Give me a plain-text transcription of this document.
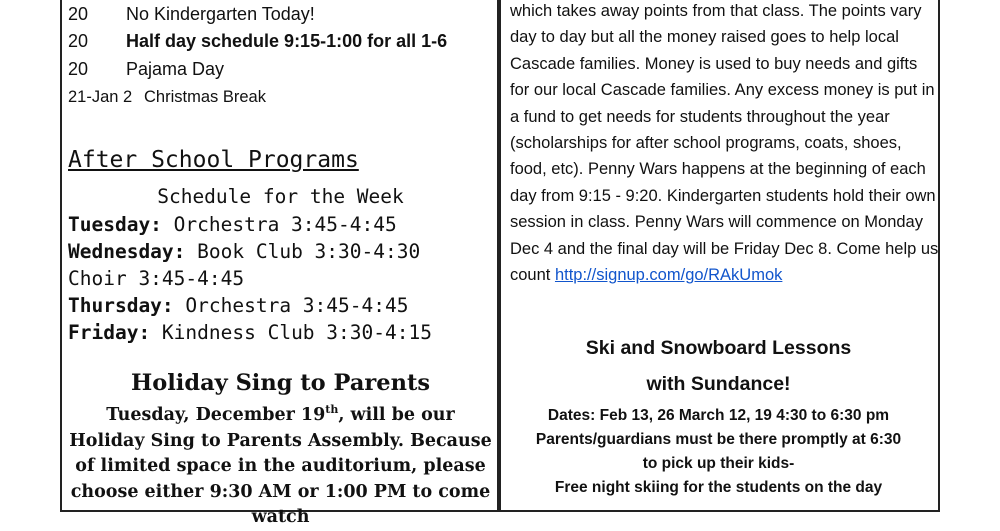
20 No Kindergarten Today!
20 Half day schedule 9:15-1:00 for all 1-6
20 Pajama Day
21-Jan 2 Christmas Break
After School Programs
Schedule for the Week
Tuesday: Orchestra 3:45-4:45
Wednesday: Book Club 3:30-4:30
Choir 3:45-4:45
Thursday: Orchestra 3:45-4:45
Friday: Kindness Club 3:30-4:15
Holiday Sing to Parents
Tuesday, December 19th, will be our Holiday Sing to Parents Assembly. Because of limited space in the auditorium, please choose either 9:30 AM or 1:00 PM to come watch
which takes away points from that class. The points vary day to day but all the money raised goes to help local Cascade families. Money is used to buy needs and gifts for our local Cascade families. Any excess money is put in a fund to get needs for students throughout the year (scholarships for after school programs, coats, shoes, food, etc). Penny Wars happens at the beginning of each day from 9:15 - 9:20. Kindergarten students hold their own session in class. Penny Wars will commence on Monday Dec 4 and the final day will be Friday Dec 8. Come help us count http://signup.com/go/RAkUmok
Ski and Snowboard Lessons
with Sundance!
Dates: Feb 13, 26 March 12, 19 4:30 to 6:30 pm
Parents/guardians must be there promptly at 6:30
to pick up their kids-
Free night skiing for the students on the day
